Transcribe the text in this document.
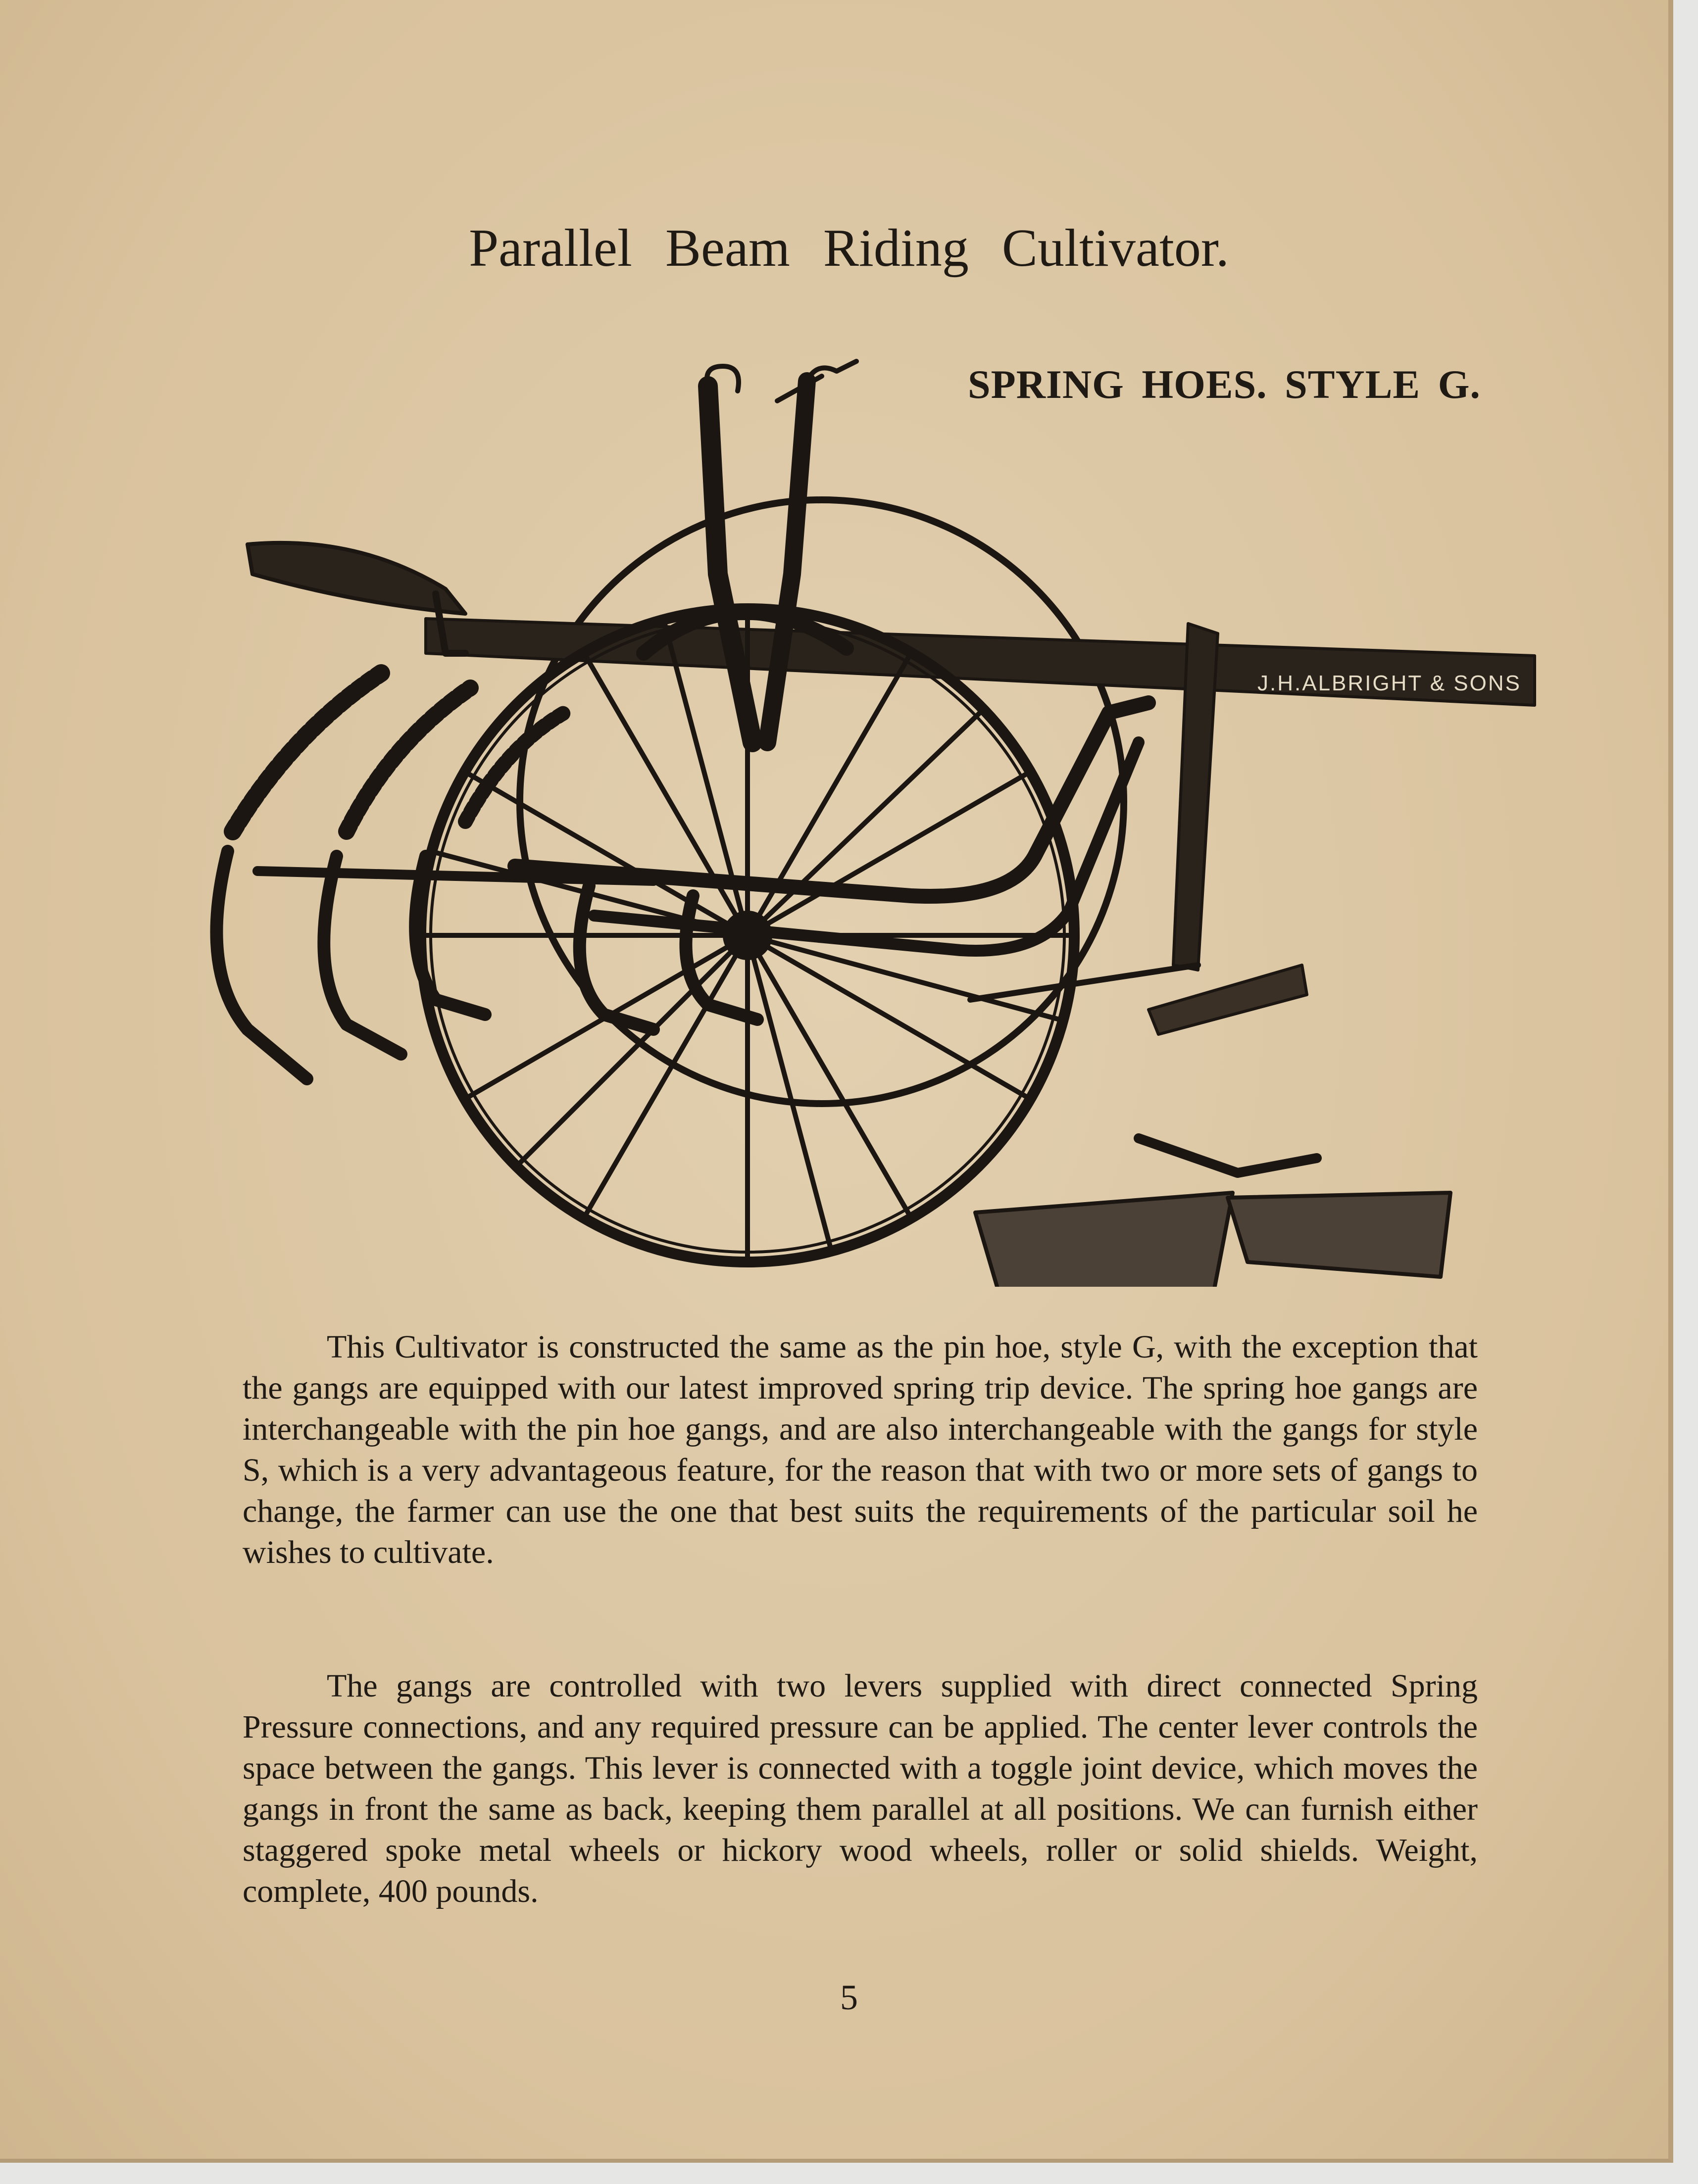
Parallel Beam Riding Cultivator.
SPRING HOES. STYLE G.
J.H.ALBRIGHT & SONS

This Cultivator is constructed the same as the pin hoe, style G, with the exception that the gangs are equipped with our latest improved spring trip device. The spring hoe gangs are interchangeable with the pin hoe gangs, and are also interchangeable with the gangs for style S, which is a very advantageous feature, for the reason that with two or more sets of gangs to change, the farmer can use the one that best suits the requirements of the particular soil he wishes to cultivate.

The gangs are controlled with two levers supplied with direct connected Spring Pressure connections, and any required pressure can be applied. The center lever controls the space between the gangs. This lever is connected with a toggle joint device, which moves the gangs in front the same as back, keeping them parallel at all positions. We can furnish either staggered spoke metal wheels or hickory wood wheels, roller or solid shields. Weight, complete, 400 pounds.

5
